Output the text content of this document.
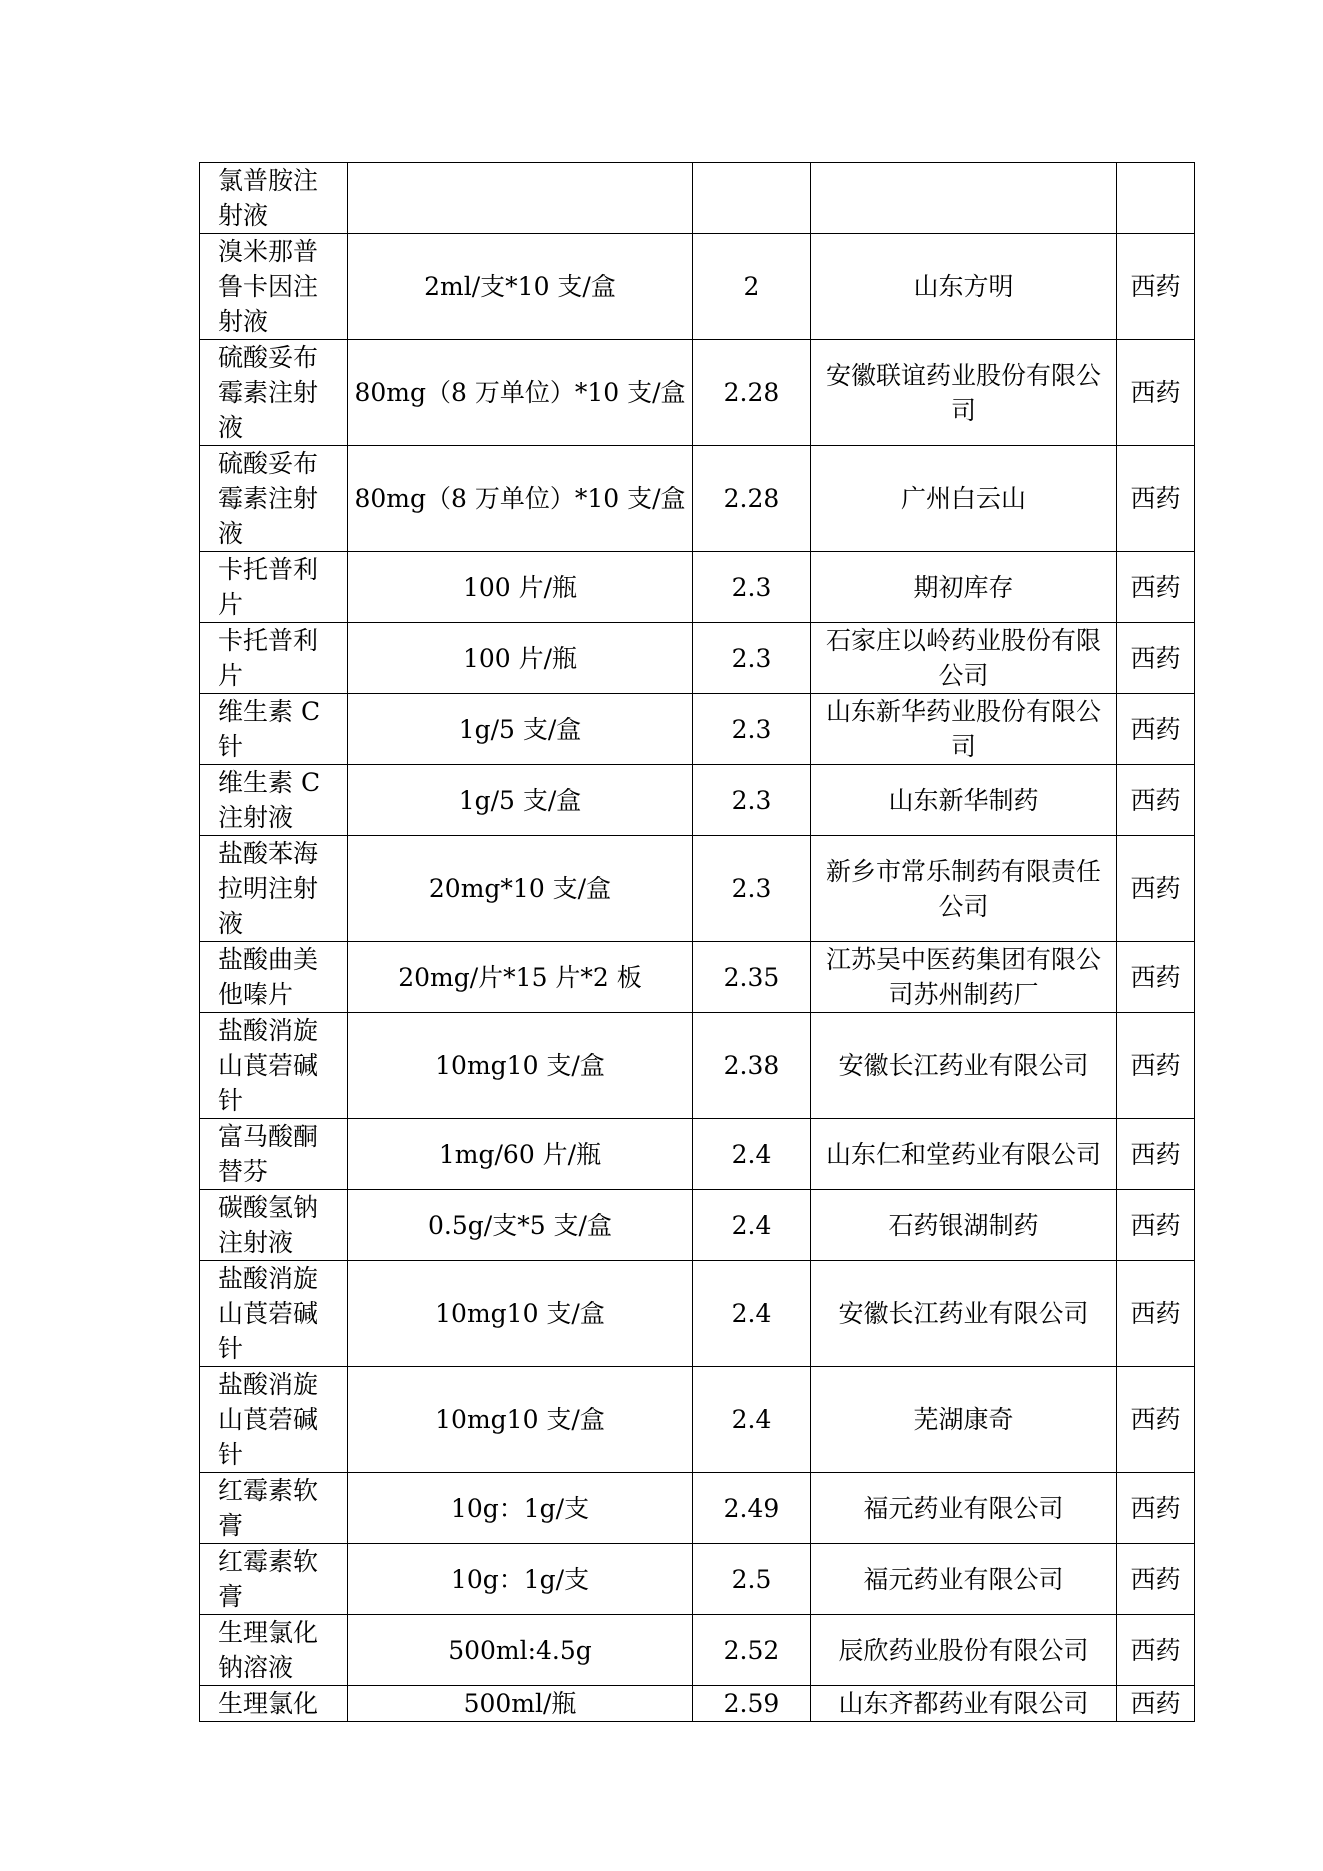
氯普胺注射液				
溴米那普鲁卡因注射液	2ml/支*10 支/盒	2	山东方明	西药
硫酸妥布霉素注射液	80mg（8 万单位）*10 支/盒	2.28	安徽联谊药业股份有限公司	西药
硫酸妥布霉素注射液	80mg（8 万单位）*10 支/盒	2.28	广州白云山	西药
卡托普利片	100 片/瓶	2.3	期初库存	西药
卡托普利片	100 片/瓶	2.3	石家庄以岭药业股份有限公司	西药
维生素 C 针	1g/5 支/盒	2.3	山东新华药业股份有限公司	西药
维生素 C 注射液	1g/5 支/盒	2.3	山东新华制药	西药
盐酸苯海拉明注射液	20mg*10 支/盒	2.3	新乡市常乐制药有限责任公司	西药
盐酸曲美他嗪片	20mg/片*15 片*2 板	2.35	江苏吴中医药集团有限公司苏州制药厂	西药
盐酸消旋山莨菪碱针	10mg10 支/盒	2.38	安徽长江药业有限公司	西药
富马酸酮替芬	1mg/60 片/瓶	2.4	山东仁和堂药业有限公司	西药
碳酸氢钠注射液	0.5g/支*5 支/盒	2.4	石药银湖制药	西药
盐酸消旋山莨菪碱针	10mg10 支/盒	2.4	安徽长江药业有限公司	西药
盐酸消旋山莨菪碱针	10mg10 支/盒	2.4	芜湖康奇	西药
红霉素软膏	10g：1g/支	2.49	福元药业有限公司	西药
红霉素软膏	10g：1g/支	2.5	福元药业有限公司	西药
生理氯化钠溶液	500ml:4.5g	2.52	辰欣药业股份有限公司	西药
生理氯化	500ml/瓶	2.59	山东齐都药业有限公司	西药
